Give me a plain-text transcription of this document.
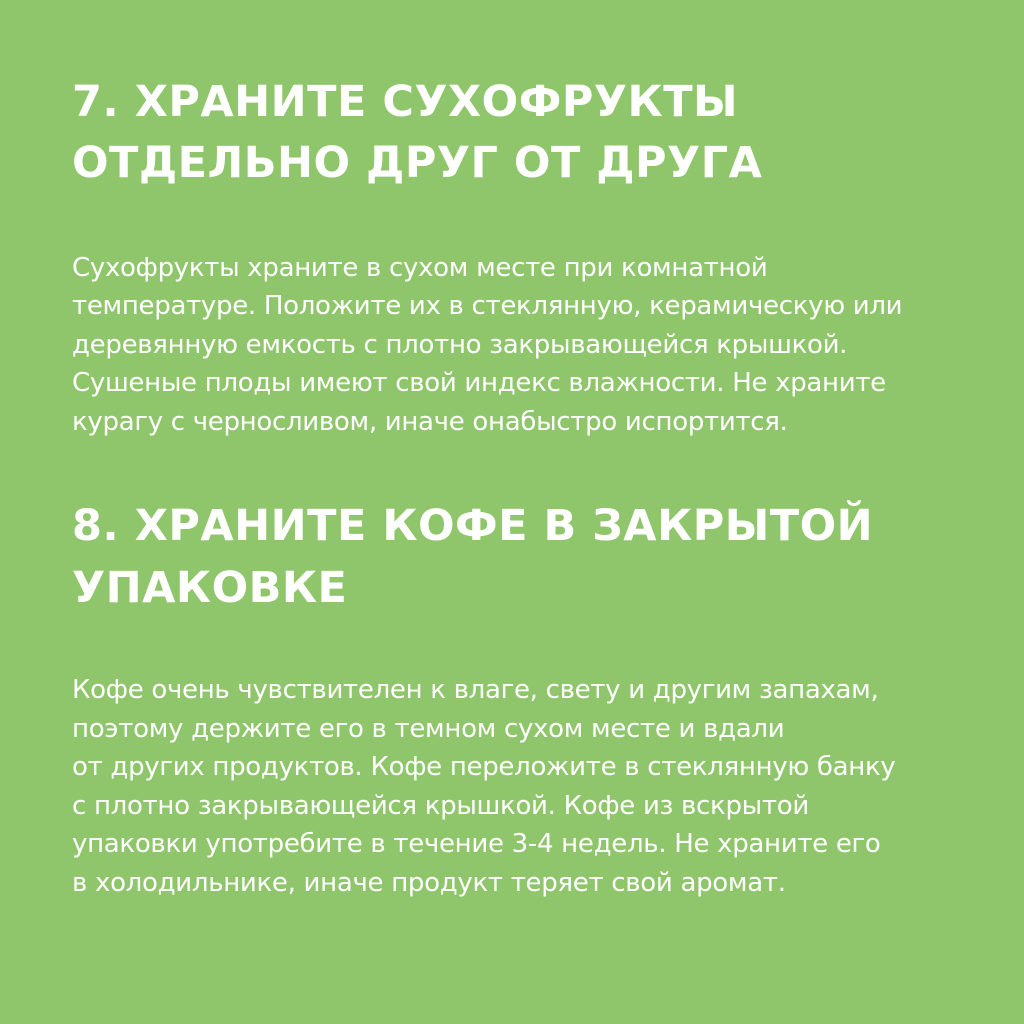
7. ХРАНИТЕ СУХОФРУКТЫ
ОТДЕЛЬНО ДРУГ ОТ ДРУГА

Сухофрукты храните в сухом месте при комнатной
температуре. Положите их в стеклянную, керамическую или
деревянную емкость с плотно закрывающейся крышкой.
Сушеные плоды имеют свой индекс влажности. Не храните
курагу с черносливом, иначе онабыстро испортится.

8. ХРАНИТЕ КОФЕ В ЗАКРЫТОЙ
УПАКОВКЕ

Кофе очень чувствителен к влаге, свету и другим запахам,
поэтому держите его в темном сухом месте и вдали
от других продуктов. Кофе переложите в стеклянную банку
с плотно закрывающейся крышкой. Кофе из вскрытой
упаковки употребите в течение 3-4 недель. Не храните его
в холодильнике, иначе продукт теряет свой аромат.
